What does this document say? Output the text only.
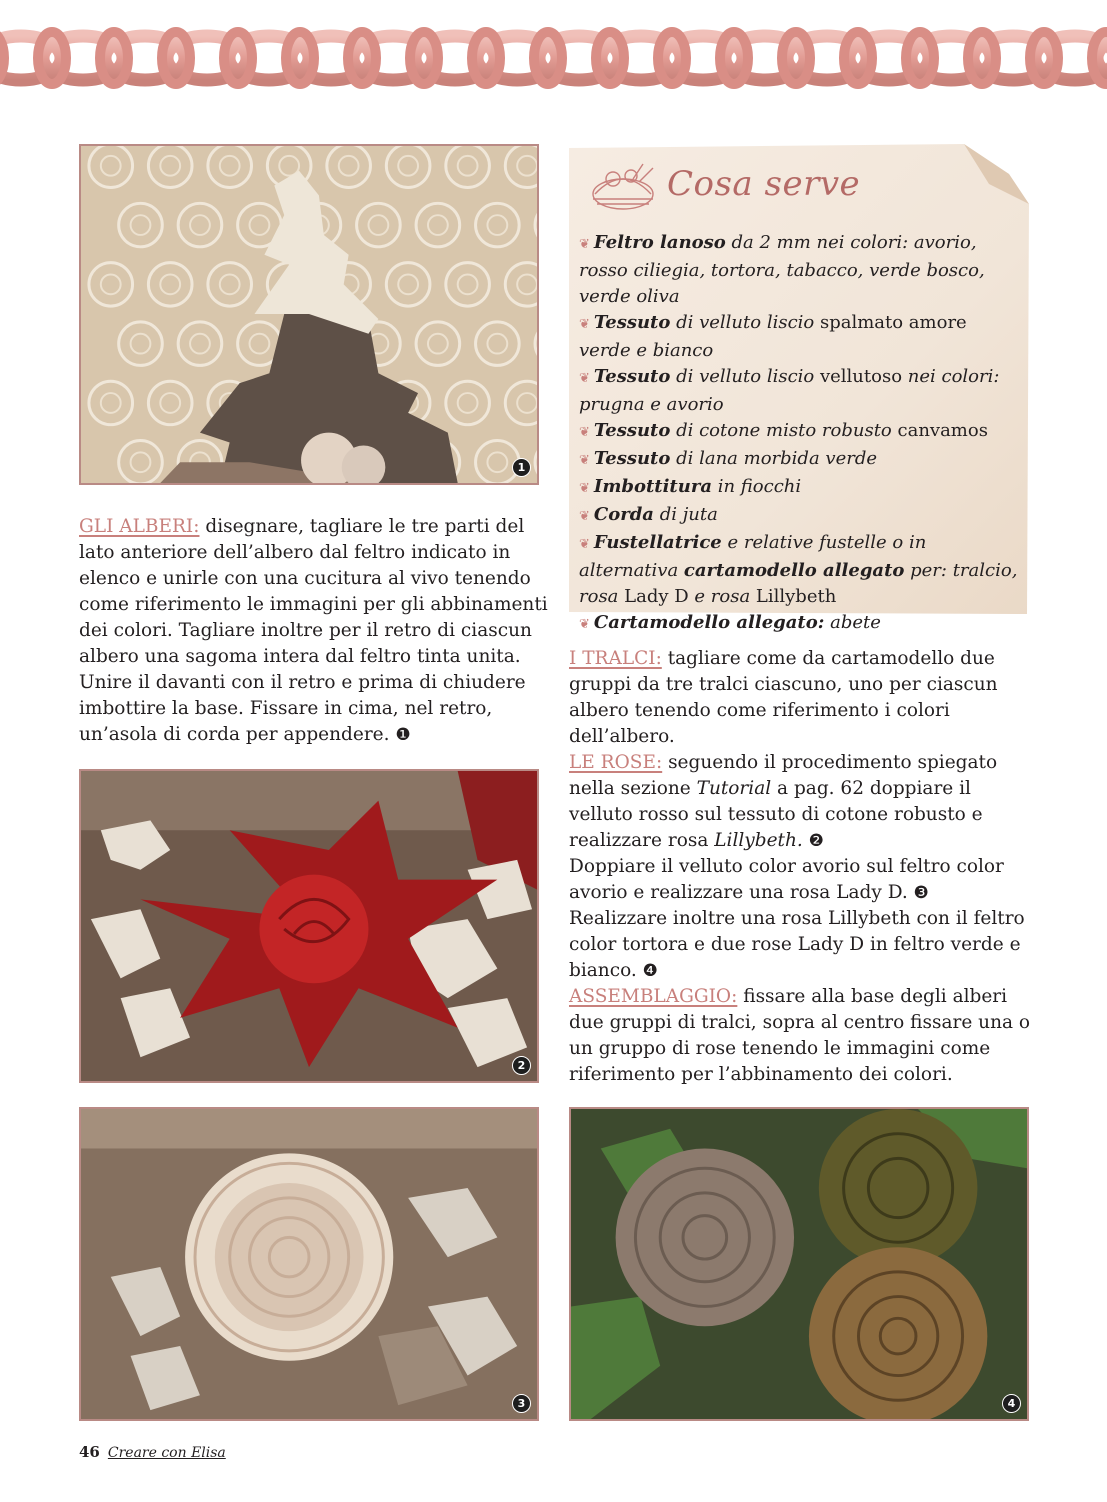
1
Cosa serve
❦ Feltro lanoso da 2 mm nei colori: avorio, rosso ciliegia, tortora, tabacco, verde bosco, verde oliva
❦ Tessuto di velluto liscio spalmato amore verde e bianco
❦ Tessuto di velluto liscio vellutoso nei colori: prugna e avorio
❦ Tessuto di cotone misto robusto canvamos
❦ Tessuto di lana morbida verde
❦ Imbottitura in fiocchi
❦ Corda di juta
❦ Fustellatrice e relative fustelle o in alternativa cartamodello allegato per: tralcio, rosa Lady D e rosa Lillybeth
❦ Cartamodello allegato: abete
GLI ALBERI: disegnare, tagliare le tre parti del lato anteriore dell’albero dal feltro indicato in elenco e unirle con una cucitura al vivo tenendo come riferimento le immagini per gli abbinamenti dei colori. Tagliare inoltre per il retro di ciascun albero una sagoma intera dal feltro tinta unita. Unire il davanti con il retro e prima di chiudere imbottire la base. Fissare in cima, nel retro, un’asola di corda per appendere. ❶
I TRALCI: tagliare come da cartamodello due gruppi da tre tralci ciascuno, uno per ciascun albero tenendo come riferimento i colori dell’albero.
LE ROSE: seguendo il procedimento spiegato nella sezione Tutorial a pag. 62 doppiare il velluto rosso sul tessuto di cotone robusto e realizzare rosa Lillybeth. ❷
Doppiare il velluto color avorio sul feltro color avorio e realizzare una rosa Lady D. ❸
Realizzare inoltre una rosa Lillybeth con il feltro color tortora e due rose Lady D in feltro verde e bianco. ❹
ASSEMBLAGGIO: fissare alla base degli alberi due gruppi di tralci, sopra al centro fissare una o un gruppo di rose tenendo le immagini come riferimento per l’abbinamento dei colori.
2
3	4
46 Creare con Elisa
